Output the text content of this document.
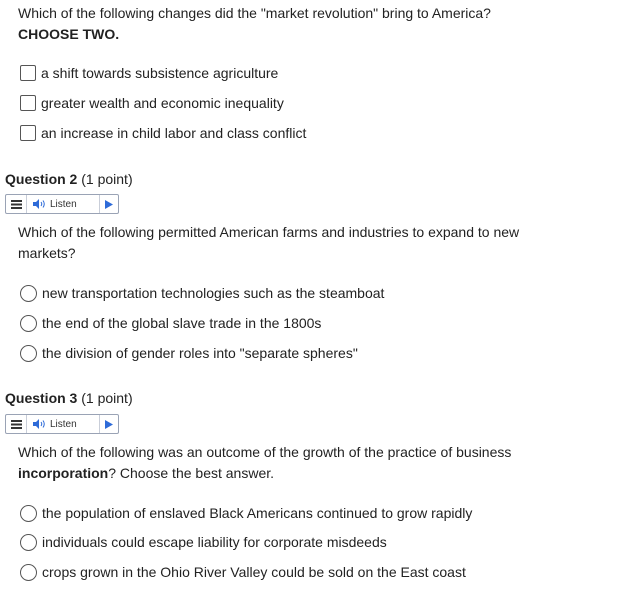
Which of the following changes did the "market revolution" bring to America?
CHOOSE TWO.
a shift towards subsistence agriculture
greater wealth and economic inequality
an increase in child labor and class conflict
Question 2 (1 point)
Listen
Which of the following permitted American farms and industries to expand to new markets?
new transportation technologies such as the steamboat
the end of the global slave trade in the 1800s
the division of gender roles into "separate spheres"
Question 3 (1 point)
Listen
Which of the following was an outcome of the growth of the practice of business incorporation? Choose the best answer.
the population of enslaved Black Americans continued to grow rapidly
individuals could escape liability for corporate misdeeds
crops grown in the Ohio River Valley could be sold on the East coast
